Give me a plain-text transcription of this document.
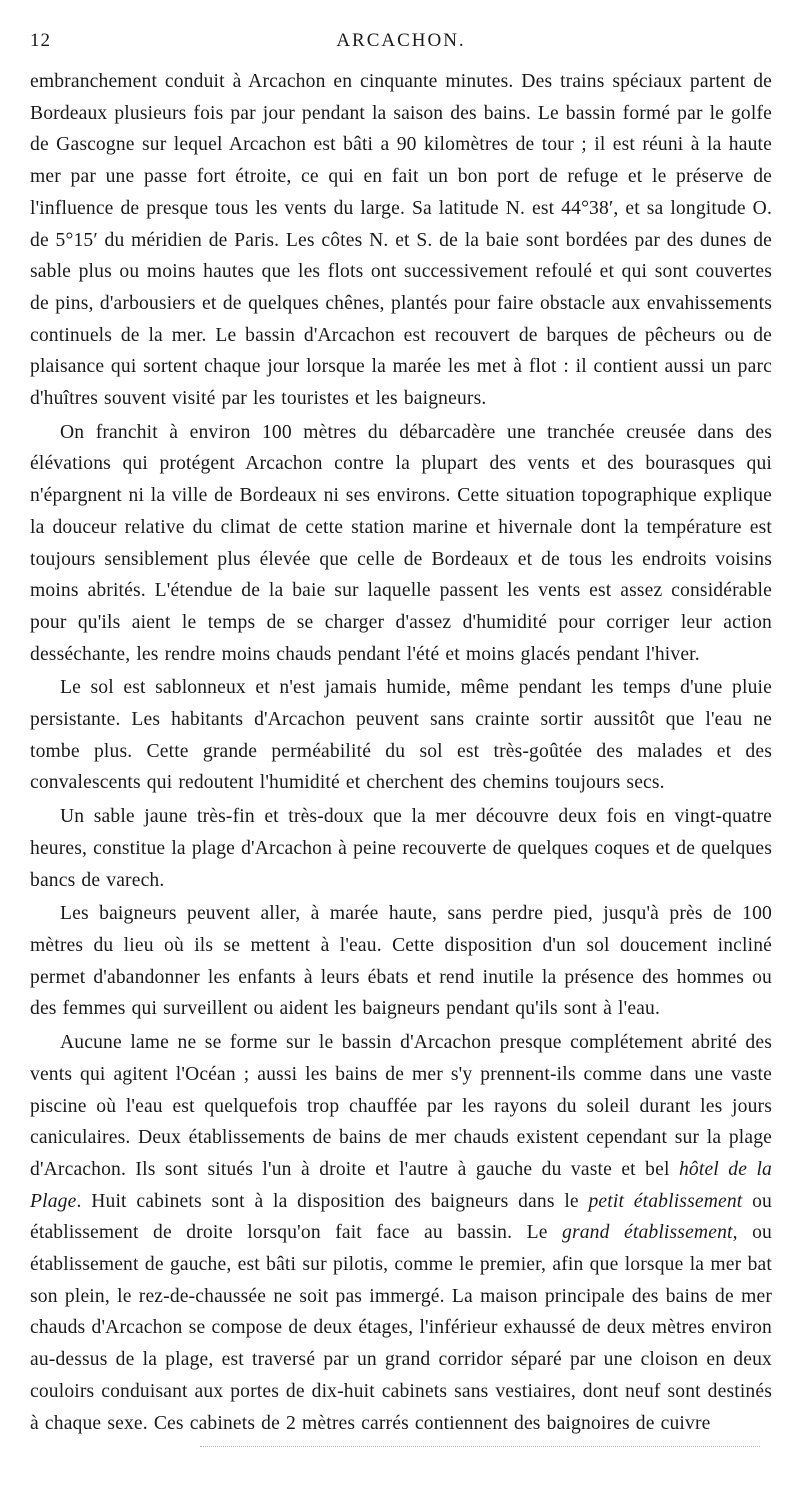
12	ARCACHON.

embranchement conduit à Arcachon en cinquante minutes. Des trains spéciaux partent de Bordeaux plusieurs fois par jour pendant la saison des bains. Le bassin formé par le golfe de Gascogne sur lequel Arcachon est bâti a 90 kilomètres de tour ; il est réuni à la haute mer par une passe fort étroite, ce qui en fait un bon port de refuge et le préserve de l'influence de presque tous les vents du large. Sa latitude N. est 44°38′, et sa longitude O. de 5°15′ du méridien de Paris. Les côtes N. et S. de la baie sont bordées par des dunes de sable plus ou moins hautes que les flots ont successivement refoulé et qui sont couvertes de pins, d'arbousiers et de quelques chênes, plantés pour faire obstacle aux envahissements continuels de la mer. Le bassin d'Arcachon est recouvert de barques de pêcheurs ou de plaisance qui sortent chaque jour lorsque la marée les met à flot : il contient aussi un parc d'huîtres souvent visité par les touristes et les baigneurs.

On franchit à environ 100 mètres du débarcadère une tranchée creusée dans des élévations qui protégent Arcachon contre la plupart des vents et des bourasques qui n'épargnent ni la ville de Bordeaux ni ses environs. Cette situation topographique explique la douceur relative du climat de cette station marine et hivernale dont la température est toujours sensiblement plus élevée que celle de Bordeaux et de tous les endroits voisins moins abrités. L'étendue de la baie sur laquelle passent les vents est assez considérable pour qu'ils aient le temps de se charger d'assez d'humidité pour corriger leur action desséchante, les rendre moins chauds pendant l'été et moins glacés pendant l'hiver.

Le sol est sablonneux et n'est jamais humide, même pendant les temps d'une pluie persistante. Les habitants d'Arcachon peuvent sans crainte sortir aussitôt que l'eau ne tombe plus. Cette grande perméabilité du sol est très-goûtée des malades et des convalescents qui redoutent l'humidité et cherchent des chemins toujours secs.

Un sable jaune très-fin et très-doux que la mer découvre deux fois en vingt-quatre heures, constitue la plage d'Arcachon à peine recouverte de quelques coques et de quelques bancs de varech.

Les baigneurs peuvent aller, à marée haute, sans perdre pied, jusqu'à près de 100 mètres du lieu où ils se mettent à l'eau. Cette disposition d'un sol doucement incliné permet d'abandonner les enfants à leurs ébats et rend inutile la présence des hommes ou des femmes qui surveillent ou aident les baigneurs pendant qu'ils sont à l'eau.

Aucune lame ne se forme sur le bassin d'Arcachon presque complétement abrité des vents qui agitent l'Océan ; aussi les bains de mer s'y prennent-ils comme dans une vaste piscine où l'eau est quelquefois trop chauffée par les rayons du soleil durant les jours caniculaires. Deux établissements de bains de mer chauds existent cependant sur la plage d'Arcachon. Ils sont situés l'un à droite et l'autre à gauche du vaste et bel hôtel de la Plage. Huit cabinets sont à la disposition des baigneurs dans le petit établissement ou établissement de droite lorsqu'on fait face au bassin. Le grand établissement, ou établissement de gauche, est bâti sur pilotis, comme le premier, afin que lorsque la mer bat son plein, le rez-de-chaussée ne soit pas immergé. La maison principale des bains de mer chauds d'Arcachon se compose de deux étages, l'inférieur exhaussé de deux mètres environ au-dessus de la plage, est traversé par un grand corridor séparé par une cloison en deux couloirs conduisant aux portes de dix-huit cabinets sans vestiaires, dont neuf sont destinés à chaque sexe. Ces cabinets de 2 mètres carrés contiennent des baignoires de cuivre
